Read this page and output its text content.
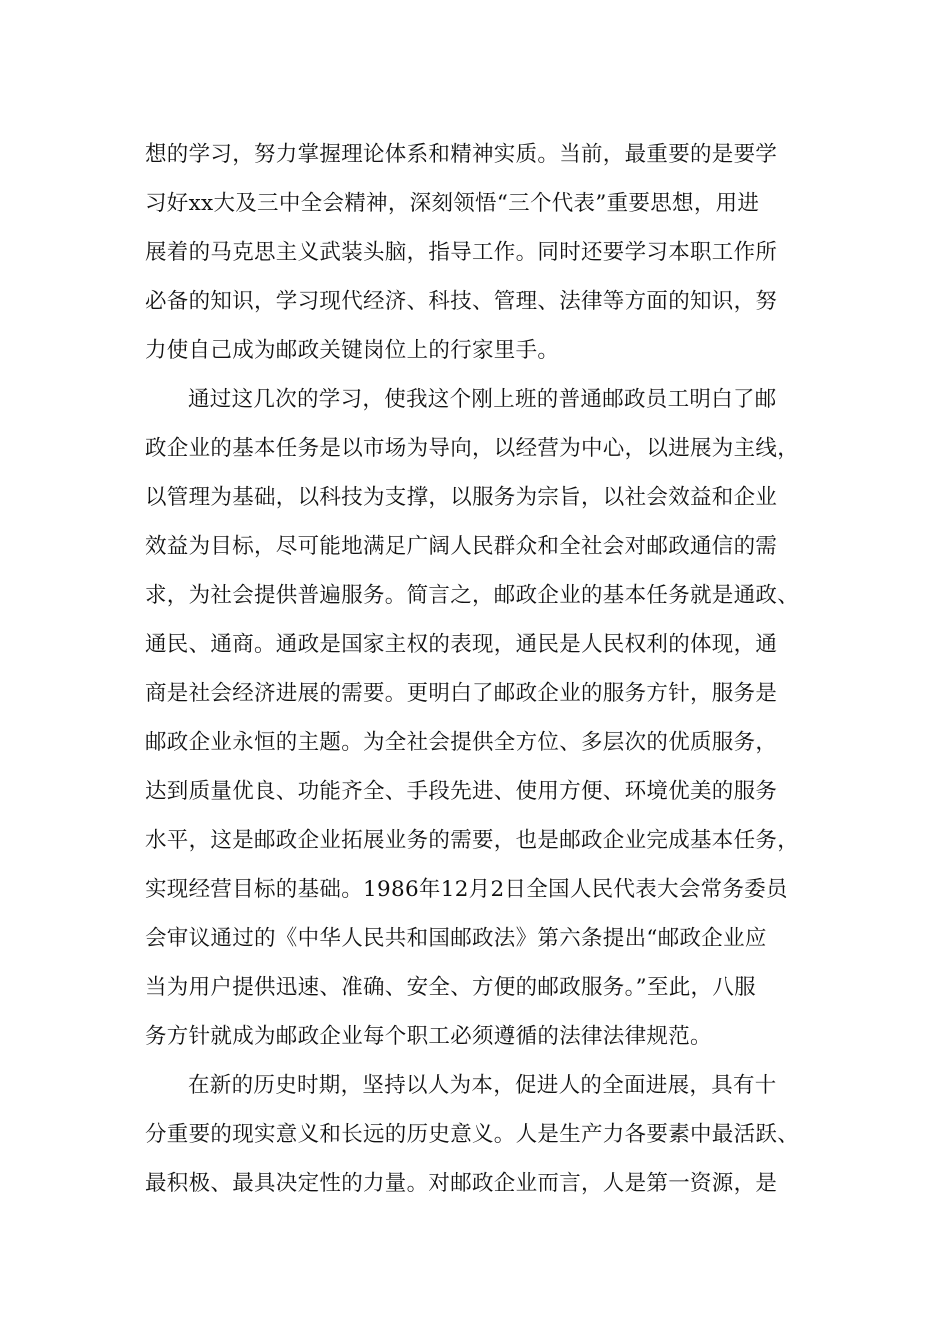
想的学习，努力掌握理论体系和精神实质。当前，最重要的是要学
习好xx大及三中全会精神，深刻领悟“三个代表”重要思想，用进
展着的马克思主义武装头脑，指导工作。同时还要学习本职工作所
必备的知识，学习现代经济、科技、管理、法律等方面的知识，努
力使自己成为邮政关键岗位上的行家里手。
通过这几次的学习，使我这个刚上班的普通邮政员工明白了邮
政企业的基本任务是以市场为导向，以经营为中心，以进展为主线，
以管理为基础，以科技为支撑，以服务为宗旨，以社会效益和企业
效益为目标，尽可能地满足广阔人民群众和全社会对邮政通信的需
求，为社会提供普遍服务。简言之，邮政企业的基本任务就是通政、
通民、通商。通政是国家主权的表现，通民是人民权利的体现，通
商是社会经济进展的需要。更明白了邮政企业的服务方针，服务是
邮政企业永恒的主题。为全社会提供全方位、多层次的优质服务，
达到质量优良、功能齐全、手段先进、使用方便、环境优美的服务
水平，这是邮政企业拓展业务的需要，也是邮政企业完成基本任务，
实现经营目标的基础。1986年12月2日全国人民代表大会常务委员
会审议通过的《中华人民共和国邮政法》第六条提出“邮政企业应
当为用户提供迅速、准确、安全、方便的邮政服务。”至此，八服
务方针就成为邮政企业每个职工必须遵循的法律法律规范。
在新的历史时期，坚持以人为本，促进人的全面进展，具有十
分重要的现实意义和长远的历史意义。人是生产力各要素中最活跃、
最积极、最具决定性的力量。对邮政企业而言，人是第一资源，是
